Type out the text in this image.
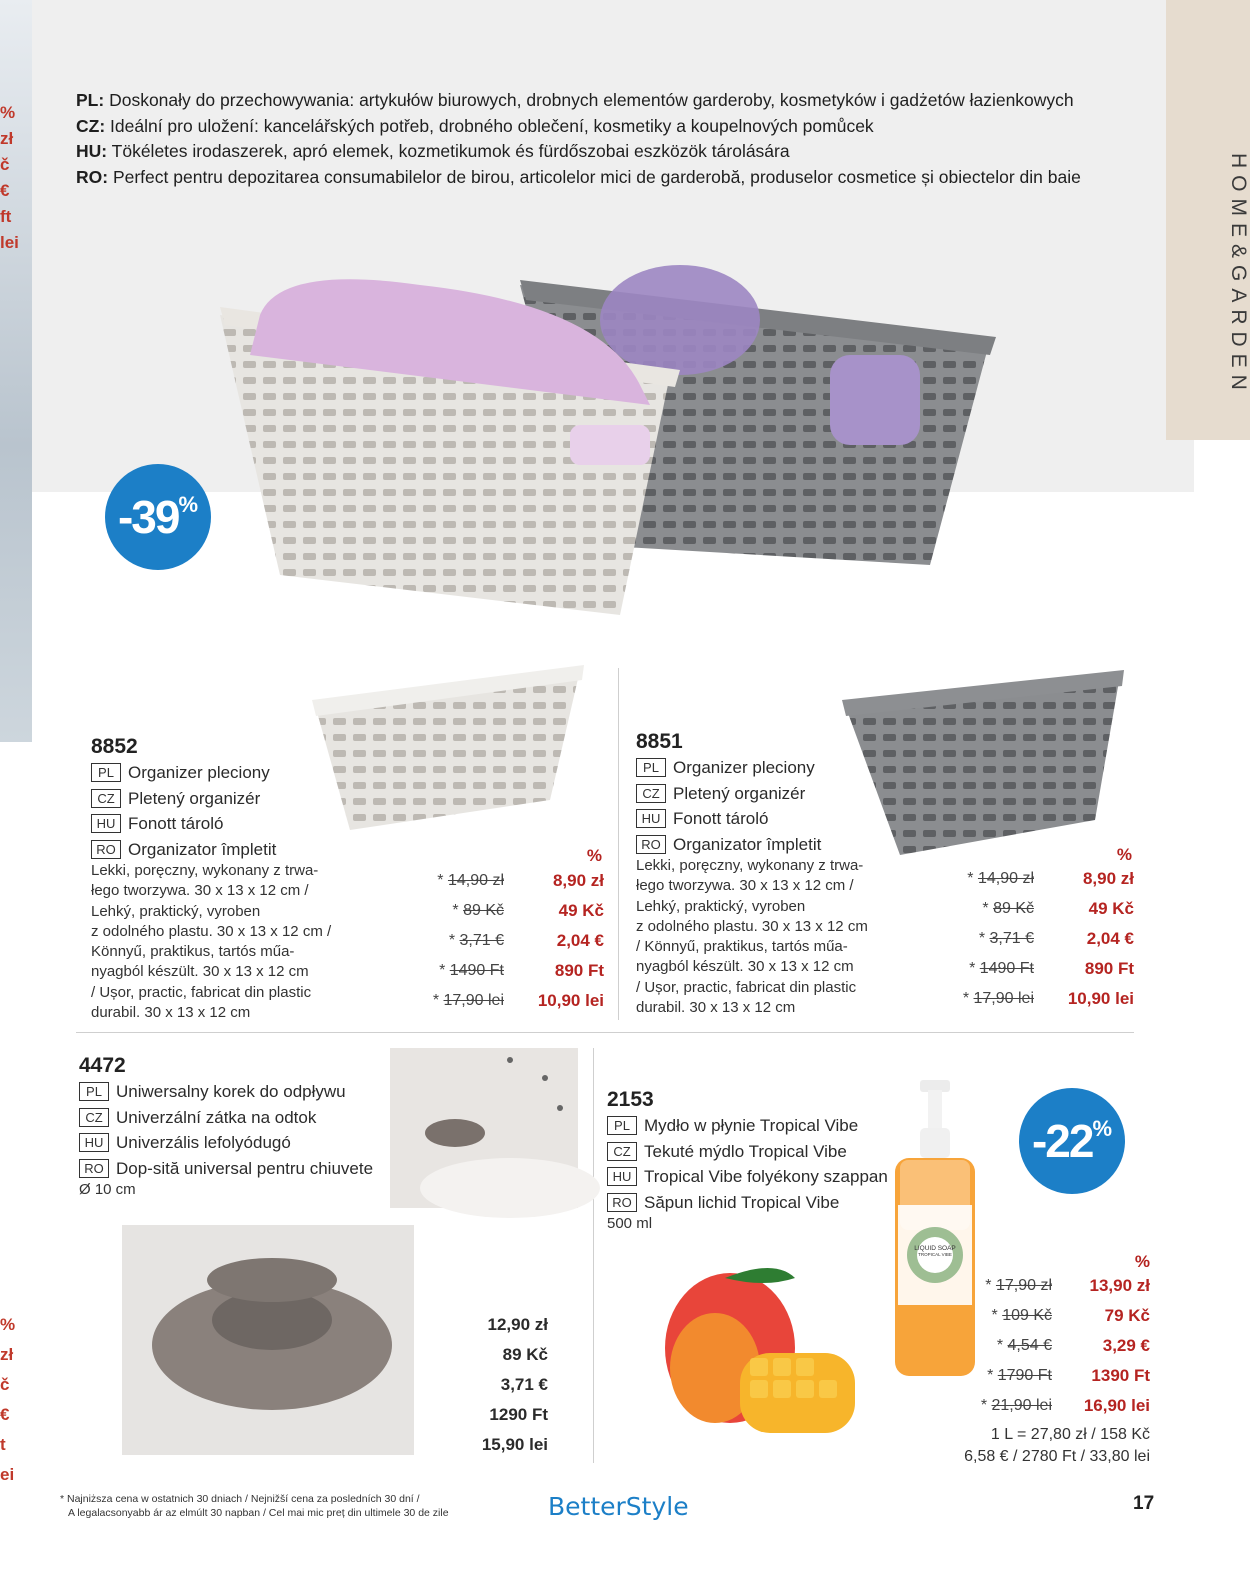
HOME&GARDEN
%
zł
č
€
ft
lei
%
zł
č
€
t
ei
PL: Doskonały do przechowywania: artykułów biurowych, drobnych elementów garderoby, kosmetyków i gadżetów łazienkowych
CZ: Ideální pro uložení: kancelářských potřeb, drobného oblečení, kosmetiky a koupelnových pomůcek
HU: Tökéletes irodaszerek, apró elemek, kozmetikumok és fürdőszobai eszközök tárolására
RO: Perfect pentru depozitarea consumabilelor de birou, articolelor mici de garderobă, produselor cosmetice și obiectelor din baie
-39 %
8852
PL Organizer pleciony
CZ Pletený organizér
HU Fonott tároló
RO Organizator împletit
Lekki, poręczny, wykonany z trwa-
łego tworzywa. 30 x 13 x 12 cm /
Lehký, praktický, vyroben
z odolného plastu. 30 x 13 x 12 cm /
Könnyű, praktikus, tartós műa-
nyagból készült. 30 x 13 x 12 cm
/ Ușor, practic, fabricat din plastic
durabil. 30 x 13 x 12 cm
%
* 14,90 zł
* 89 Kč
* 3,71 €
* 1490 Ft
* 17,90 lei
8,90 zł
49 Kč
2,04 €
890 Ft
10,90 lei
8851
PL Organizer pleciony
CZ Pletený organizér
HU Fonott tároló
RO Organizator împletit
Lekki, poręczny, wykonany z trwa-
łego tworzywa. 30 x 13 x 12 cm /
Lehký, praktický, vyroben
z odolného plastu. 30 x 13 x 12 cm
/ Könnyű, praktikus, tartós műa-
nyagból készült. 30 x 13 x 12 cm
/ Ușor, practic, fabricat din plastic
durabil. 30 x 13 x 12 cm
%
* 14,90 zł
* 89 Kč
* 3,71 €
* 1490 Ft
* 17,90 lei
8,90 zł
49 Kč
2,04 €
890 Ft
10,90 lei
4472
PL Uniwersalny korek do odpływu
CZ Univerzální zátka na odtok
HU Univerzális lefolyódugó
RO Dop-sită universal pentru chiuvete
Ø 10 cm
12,90 zł
89 Kč
3,71 €
1290 Ft
15,90 lei
2153
PL Mydło w płynie Tropical Vibe
CZ Tekuté mýdlo Tropical Vibe
HU Tropical Vibe folyékony szappan
RO Săpun lichid Tropical Vibe
500 ml
LIQUID SOAP
TROPICAL VIBE
-22 %
%
* 17,90 zł
* 109 Kč
* 4,54 €
* 1790 Ft
* 21,90 lei
13,90 zł
79 Kč
3,29 €
1390 Ft
16,90 lei
1 L = 27,80 zł / 158 Kč
6,58 € / 2780 Ft / 33,80 lei
* Najniższa cena w ostatnich 30 dniach / Nejnižší cena za posledních 30 dní /
A legalacsonyabb ár az elmúlt 30 napban / Cel mai mic preț din ultimele 30 de zile	BetterStyle	17
